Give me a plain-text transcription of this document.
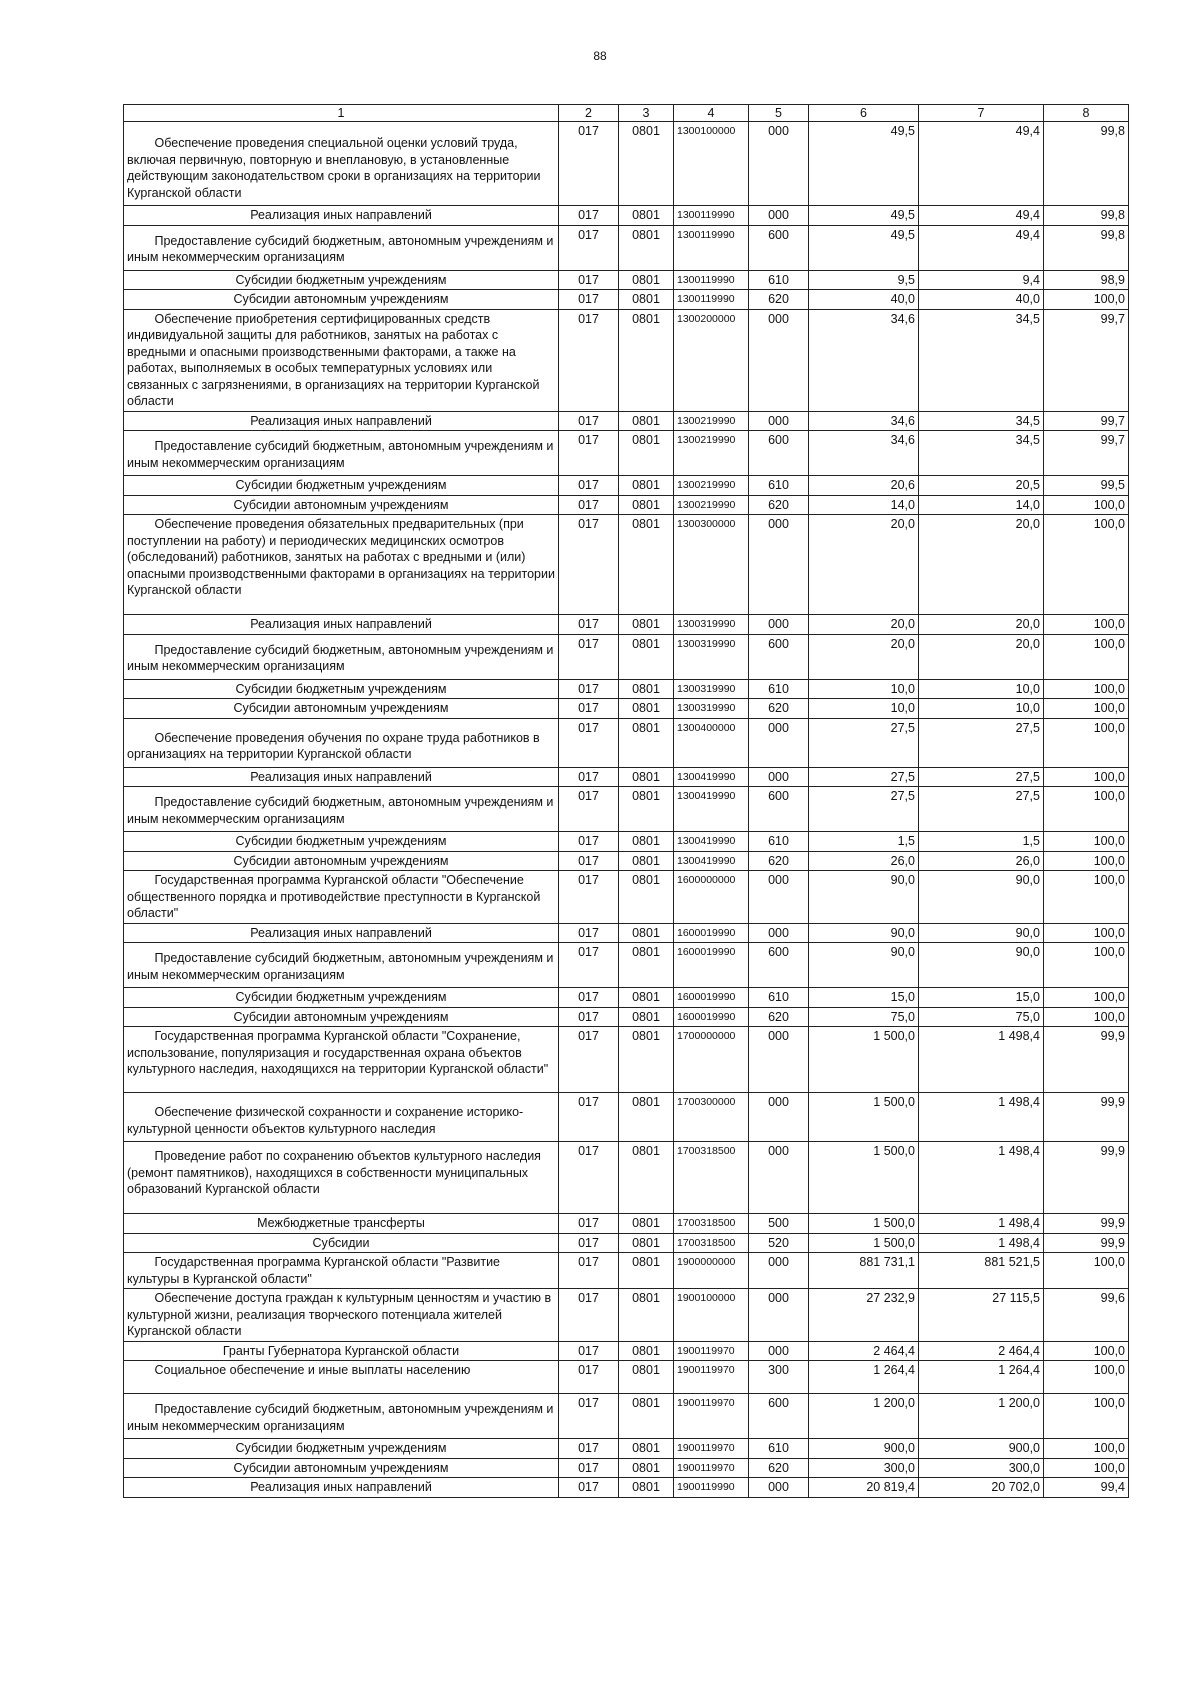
88
1	2	3	4	5	6	7	8

Обеспечение проведения специальной оценки условий труда, включая первичную, повторную и внеплановую, в установленные действующим законодательством сроки в организациях на территории Курганской области	017	0801	1300100000	000	49,5	49,4	99,8

Реализация иных направлений	017	0801	1300119990	000	49,5	49,4	99,8

Предоставление субсидий бюджетным, автономным учреждениям и иным некоммерческим организациям	017	0801	1300119990	600	49,5	49,4	99,8

Субсидии бюджетным учреждениям	017	0801	1300119990	610	9,5	9,4	98,9

Субсидии автономным учреждениям	017	0801	1300119990	620	40,0	40,0	100,0

Обеспечение приобретения сертифицированных средств индивидуальной защиты для работников, занятых на работах с вредными и опасными производственными факторами, а также на работах, выполняемых в особых температурных условиях или связанных с загрязнениями, в организациях на территории Курганской области	017	0801	1300200000	000	34,6	34,5	99,7

Реализация иных направлений	017	0801	1300219990	000	34,6	34,5	99,7

Предоставление субсидий бюджетным, автономным учреждениям и иным некоммерческим организациям	017	0801	1300219990	600	34,6	34,5	99,7

Субсидии бюджетным учреждениям	017	0801	1300219990	610	20,6	20,5	99,5

Субсидии автономным учреждениям	017	0801	1300219990	620	14,0	14,0	100,0

Обеспечение проведения обязательных предварительных (при поступлении на работу) и периодических медицинских осмотров (обследований) работников, занятых на работах с вредными и (или) опасными производственными факторами в организациях на территории Курганской области	017	0801	1300300000	000	20,0	20,0	100,0

Реализация иных направлений	017	0801	1300319990	000	20,0	20,0	100,0

Предоставление субсидий бюджетным, автономным учреждениям и иным некоммерческим организациям	017	0801	1300319990	600	20,0	20,0	100,0

Субсидии бюджетным учреждениям	017	0801	1300319990	610	10,0	10,0	100,0

Субсидии автономным учреждениям	017	0801	1300319990	620	10,0	10,0	100,0

Обеспечение проведения обучения по охране труда работников в организациях на территории Курганской области	017	0801	1300400000	000	27,5	27,5	100,0

Реализация иных направлений	017	0801	1300419990	000	27,5	27,5	100,0

Предоставление субсидий бюджетным, автономным учреждениям и иным некоммерческим организациям	017	0801	1300419990	600	27,5	27,5	100,0

Субсидии бюджетным учреждениям	017	0801	1300419990	610	1,5	1,5	100,0

Субсидии автономным учреждениям	017	0801	1300419990	620	26,0	26,0	100,0

Государственная программа Курганской области "Обеспечение общественного порядка и противодействие преступности в Курганской области"	017	0801	1600000000	000	90,0	90,0	100,0

Реализация иных направлений	017	0801	1600019990	000	90,0	90,0	100,0

Предоставление субсидий бюджетным, автономным учреждениям и иным некоммерческим организациям	017	0801	1600019990	600	90,0	90,0	100,0

Субсидии бюджетным учреждениям	017	0801	1600019990	610	15,0	15,0	100,0

Субсидии автономным учреждениям	017	0801	1600019990	620	75,0	75,0	100,0

Государственная программа Курганской области "Сохранение, использование, популяризация и государственная охрана объектов культурного наследия, находящихся на территории Курганской области"	017	0801	1700000000	000	1 500,0	1 498,4	99,9

Обеспечение физической сохранности и сохранение историко-культурной ценности объектов культурного наследия	017	0801	1700300000	000	1 500,0	1 498,4	99,9

Проведение работ по сохранению объектов культурного наследия (ремонт памятников), находящихся в собственности муниципальных образований Курганской области	017	0801	1700318500	000	1 500,0	1 498,4	99,9

Межбюджетные трансферты	017	0801	1700318500	500	1 500,0	1 498,4	99,9

Субсидии	017	0801	1700318500	520	1 500,0	1 498,4	99,9

Государственная программа Курганской области "Развитие культуры в Курганской области"	017	0801	1900000000	000	881 731,1	881 521,5	100,0

Обеспечение доступа граждан к культурным ценностям и участию в культурной жизни, реализация творческого потенциала жителей Курганской области	017	0801	1900100000	000	27 232,9	27 115,5	99,6

Гранты Губернатора Курганской области	017	0801	1900119970	000	2 464,4	2 464,4	100,0

Социальное обеспечение и иные выплаты населению	017	0801	1900119970	300	1 264,4	1 264,4	100,0

Предоставление субсидий бюджетным, автономным учреждениям и иным некоммерческим организациям	017	0801	1900119970	600	1 200,0	1 200,0	100,0

Субсидии бюджетным учреждениям	017	0801	1900119970	610	900,0	900,0	100,0

Субсидии автономным учреждениям	017	0801	1900119970	620	300,0	300,0	100,0

Реализация иных направлений	017	0801	1900119990	000	20 819,4	20 702,0	99,4
